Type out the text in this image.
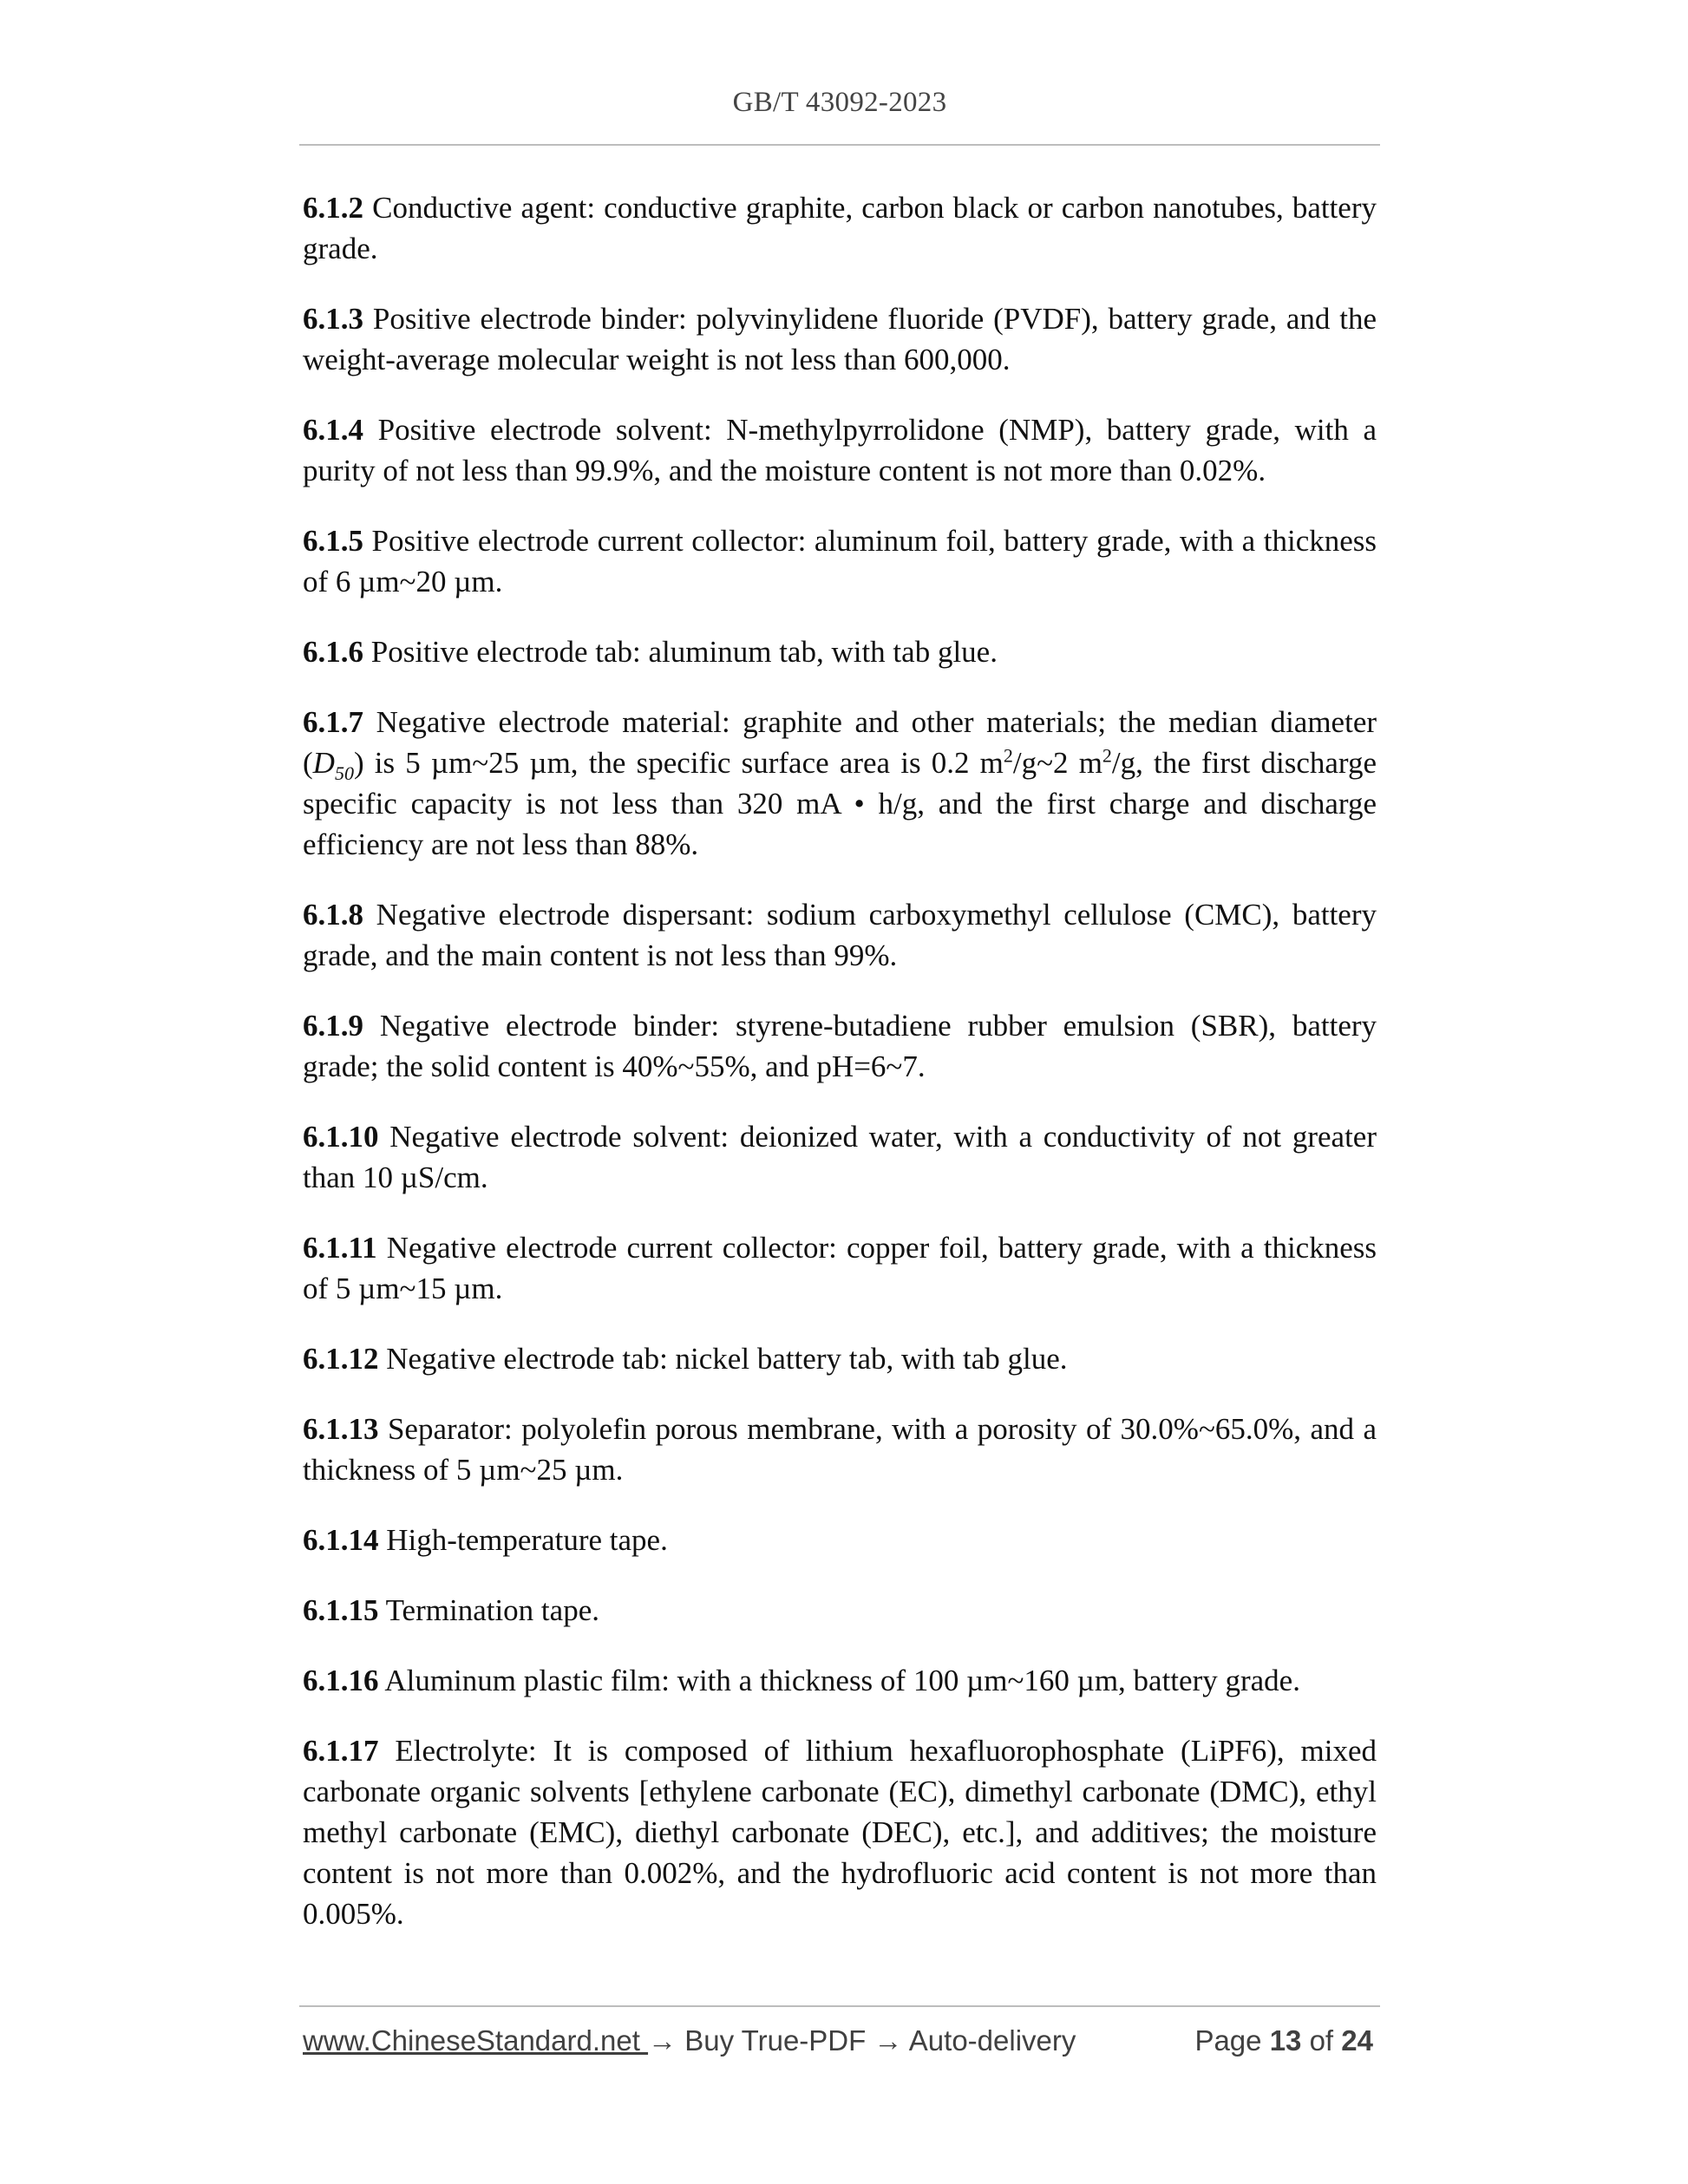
GB/T 43092-2023

6.1.2 Conductive agent: conductive graphite, carbon black or carbon nanotubes, battery grade.

6.1.3 Positive electrode binder: polyvinylidene fluoride (PVDF), battery grade, and the weight-average molecular weight is not less than 600,000.

6.1.4 Positive electrode solvent: N-methylpyrrolidone (NMP), battery grade, with a purity of not less than 99.9%, and the moisture content is not more than 0.02%.

6.1.5 Positive electrode current collector: aluminum foil, battery grade, with a thickness of 6 µm~20 µm.

6.1.6 Positive electrode tab: aluminum tab, with tab glue.

6.1.7 Negative electrode material: graphite and other materials; the median diameter $(D_{50})$ is 5 µm~25 µm, the specific surface area is 0.2 $m^2/g\sim 2$ $m^2/g$, the first discharge specific capacity is not less than 320 mA • h/g, and the first charge and discharge efficiency are not less than 88%.

6.1.8 Negative electrode dispersant: sodium carboxymethyl cellulose (CMC), battery grade, and the main content is not less than 99%.

6.1.9 Negative electrode binder: styrene-butadiene rubber emulsion (SBR), battery grade; the solid content is 40%~55%, and pH=6~7.

6.1.10 Negative electrode solvent: deionized water, with a conductivity of not greater than 10 µS/cm.

6.1.11 Negative electrode current collector: copper foil, battery grade, with a thickness of 5 µm~15 µm.

6.1.12 Negative electrode tab: nickel battery tab, with tab glue.

6.1.13 Separator: polyolefin porous membrane, with a porosity of 30.0%~65.0%, and a thickness of 5 µm~25 µm.

6.1.14 High-temperature tape.

6.1.15 Termination tape.

6.1.16 Aluminum plastic film: with a thickness of 100 µm~160 µm, battery grade.

6.1.17 Electrolyte: It is composed of lithium hexafluorophosphate (LiPF6), mixed carbonate organic solvents [ethylene carbonate (EC), dimethyl carbonate (DMC), ethyl methyl carbonate (EMC), diethyl carbonate (DEC), etc.], and additives; the moisture content is not more than 0.002%, and the hydrofluoric acid content is not more than 0.005%.

www.ChineseStandard.net → Buy True-PDF → Auto-delivery	Page 13 of 24
